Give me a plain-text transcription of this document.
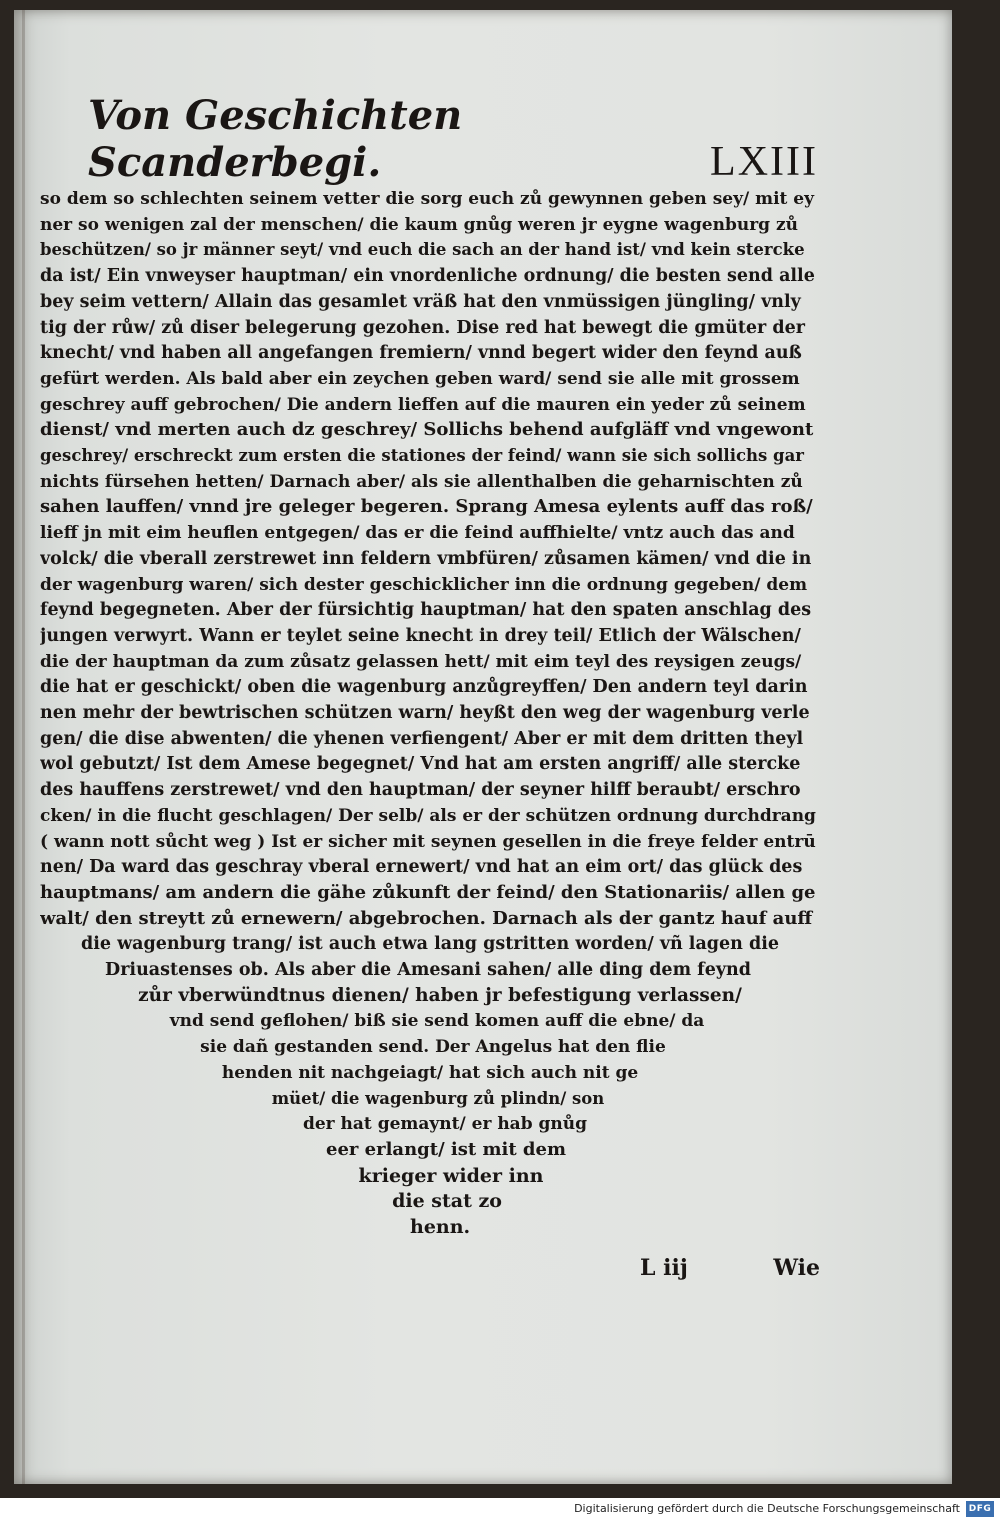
Von Geschichten Scanderbegi.	LXIII
so dem so schlechten seinem vetter die sorg euch zů gewynnen geben sey/ mit ey
ner so wenigen zal der menschen/ die kaum gnůg weren jr eygne wagenburg zů
beschützen/ so jr männer seyt/ vnd euch die sach an der hand ist/ vnd kein stercke
da ist/ Ein vnweyser hauptman/ ein vnordenliche ordnung/ die besten send alle
bey seim vettern/ Allain das gesamlet vräß hat den vnmüssigen jüngling/ vnly
tig der růw/ zů diser belegerung gezohen. Dise red hat bewegt die gmüter der
knecht/ vnd haben all angefangen fremiern/ vnnd begert wider den feynd auß
gefürt werden. Als bald aber ein zeychen geben ward/ send sie alle mit grossem
geschrey auff gebrochen/ Die andern lieffen auf die mauren ein yeder zů seinem
dienst/ vnd merten auch dz geschrey/ Sollichs behend aufgläff vnd vngewont
geschrey/ erschreckt zum ersten die stationes der feind/ wann sie sich sollichs gar
nichts fürsehen hetten/ Darnach aber/ als sie allenthalben die geharnischten zů
sahen lauffen/ vnnd jre geleger begeren. Sprang Amesa eylents auff das roß/
lieff jn mit eim heuflen entgegen/ das er die feind auffhielte/ vntz auch das and
volck/ die vberall zerstrewet inn feldern vmbfüren/ zůsamen kämen/ vnd die in
der wagenburg waren/ sich dester geschicklicher inn die ordnung gegeben/ dem
feynd begegneten. Aber der fürsichtig hauptman/ hat den spaten anschlag des
jungen verwyrt. Wann er teylet seine knecht in drey teil/ Etlich der Wälschen/
die der hauptman da zum zůsatz gelassen hett/ mit eim teyl des reysigen zeugs/
die hat er geschickt/ oben die wagenburg anzůgreyffen/ Den andern teyl darin
nen mehr der bewtrischen schützen warn/ heyßt den weg der wagenburg verle
gen/ die dise abwenten/ die yhenen verfiengent/ Aber er mit dem dritten theyl
wol gebutzt/ Ist dem Amese begegnet/ Vnd hat am ersten angriff/ alle stercke
des hauffens zerstrewet/ vnd den hauptman/ der seyner hilff beraubt/ erschro
cken/ in die flucht geschlagen/ Der selb/ als er der schützen ordnung durchdrang
( wann nott sůcht weg ) Ist er sicher mit seynen gesellen in die freye felder entrū
nen/ Da ward das geschray vberal ernewert/ vnd hat an eim ort/ das glück des
hauptmans/ am andern die gähe zůkunft der feind/ den Stationariis/ allen ge
walt/ den streytt zů ernewern/ abgebrochen. Darnach als der gantz hauf auff
die wagenburg trang/ ist auch etwa lang gstritten worden/ vñ lagen die
Driuastenses ob. Als aber die Amesani sahen/ alle ding dem feynd
zůr vberwündtnus dienen/ haben jr befestigung verlassen/
vnd send geflohen/ biß sie send komen auff die ebne/ da
sie dañ gestanden send. Der Angelus hat den flie
henden nit nachgeiagt/ hat sich auch nit ge
müet/ die wagenburg zů plindn/ son
der hat gemaynt/ er hab gnůg
eer erlangt/ ist mit dem
krieger wider inn
die stat zo
henn.
L iij	Wie
Digitalisierung gefördert durch die Deutsche Forschungsgemeinschaft DFG
